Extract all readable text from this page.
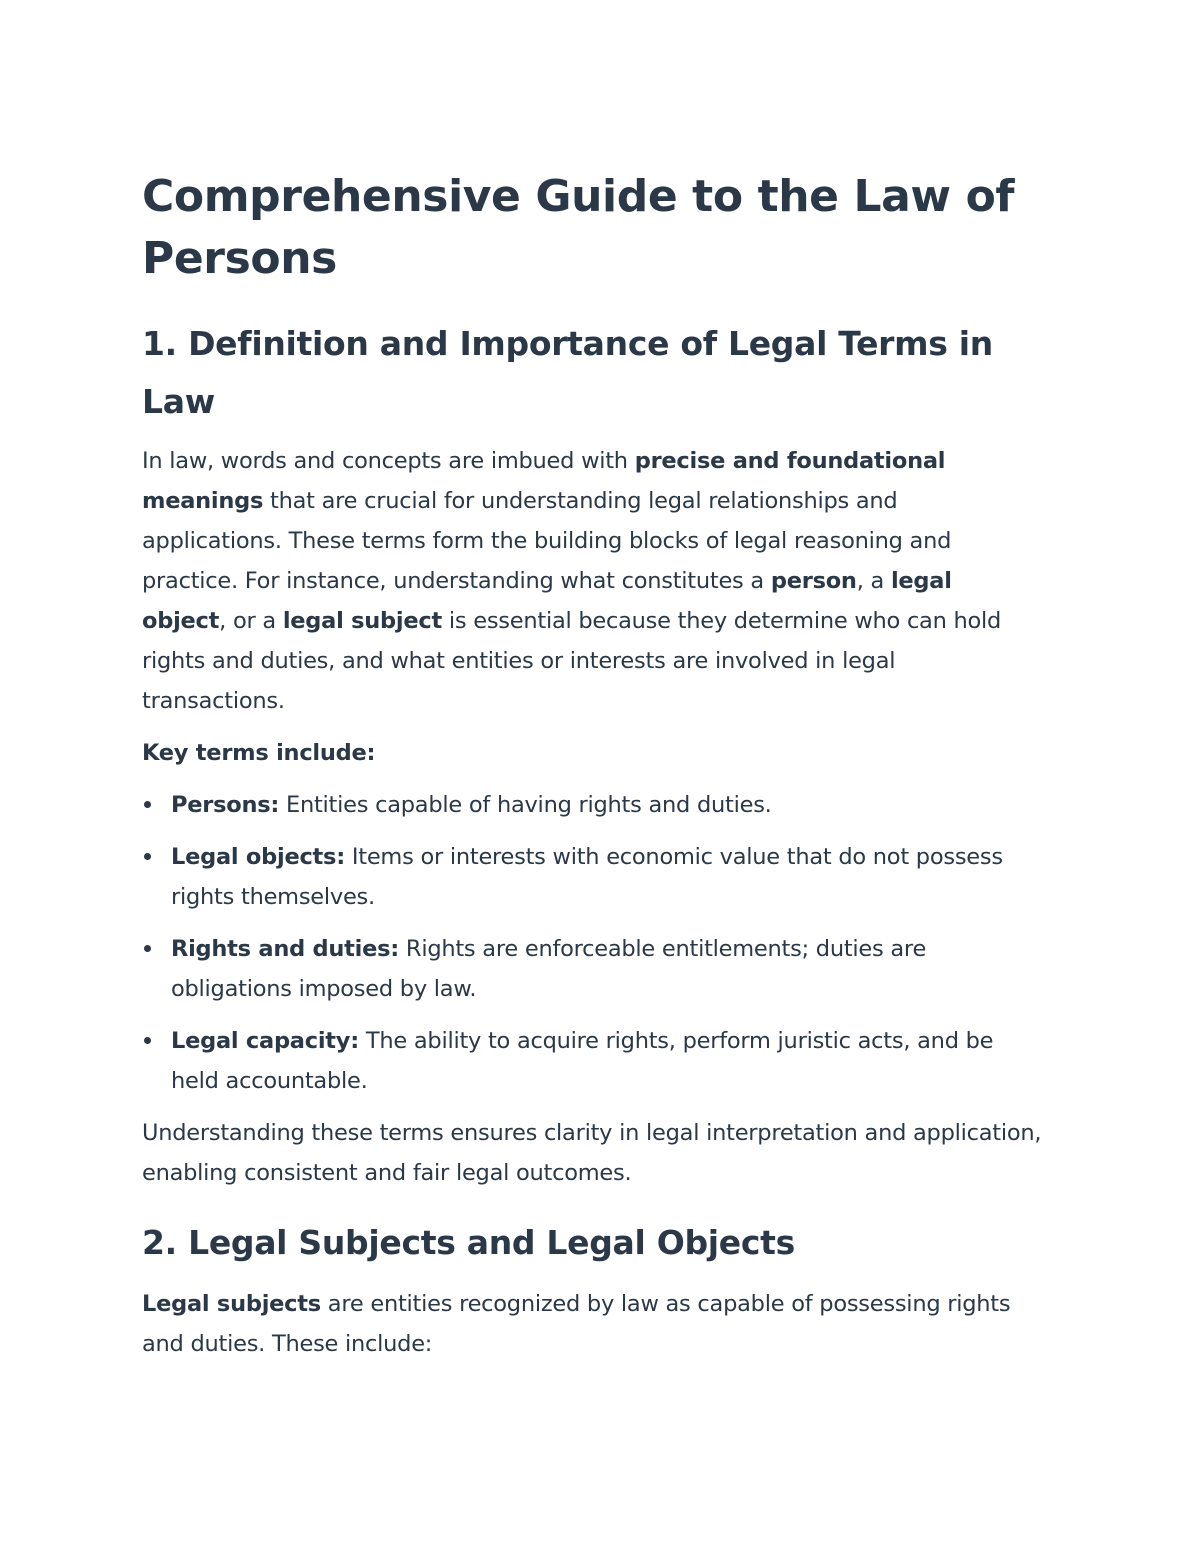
Comprehensive Guide to the Law of Persons
1. Definition and Importance of Legal Terms in Law

In law, words and concepts are imbued with precise and foundational meanings that are crucial for understanding legal relationships and applications. These terms form the building blocks of legal reasoning and practice. For instance, understanding what constitutes a person, a legal object, or a legal subject is essential because they determine who can hold rights and duties, and what entities or interests are involved in legal transactions.

Key terms include:

Persons: Entities capable of having rights and duties.
Legal objects: Items or interests with economic value that do not possess rights themselves.
Rights and duties: Rights are enforceable entitlements; duties are obligations imposed by law.
Legal capacity: The ability to acquire rights, perform juristic acts, and be held accountable.

Understanding these terms ensures clarity in legal interpretation and application, enabling consistent and fair legal outcomes.

2. Legal Subjects and Legal Objects

Legal subjects are entities recognized by law as capable of possessing rights and duties. These include:
